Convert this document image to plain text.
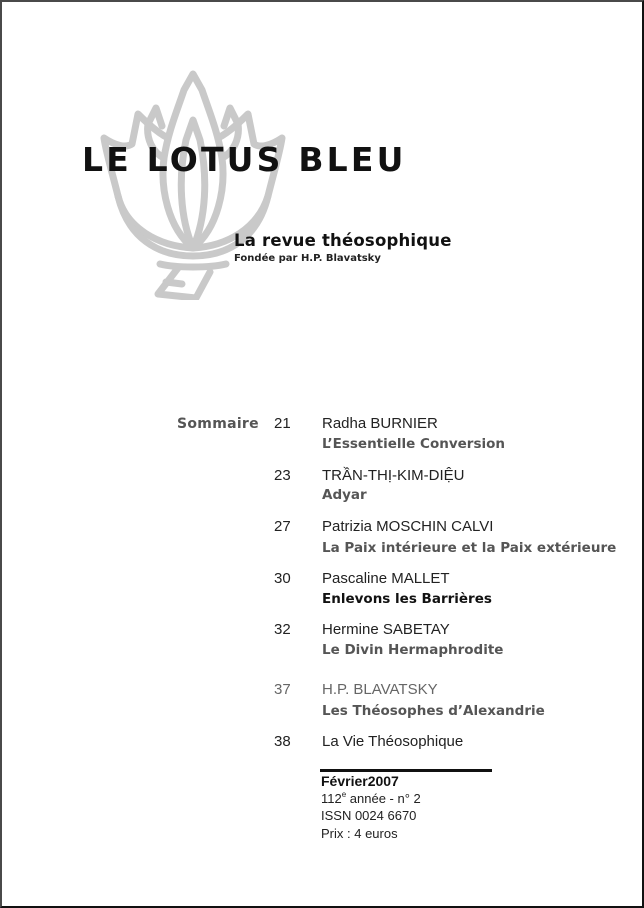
LE LOTUS BLEU
La revue théosophique
Fondée par H.P. Blavatsky
Sommaire 21 Radha BURNIER
L’Essentielle Conversion
23 TRẦN-THỊ-KIM-DIỆU
Adyar
27 Patrizia MOSCHIN CALVI
La Paix intérieure et la Paix extérieure
30 Pascaline MALLET
Enlevons les Barrières
32 Hermine SABETAY
Le Divin Hermaphrodite
37 H.P. BLAVATSKY
Les Théosophes d’Alexandrie
38 La Vie Théosophique
Février2007
112e année - n° 2
ISSN 0024 6670
Prix : 4 euros
